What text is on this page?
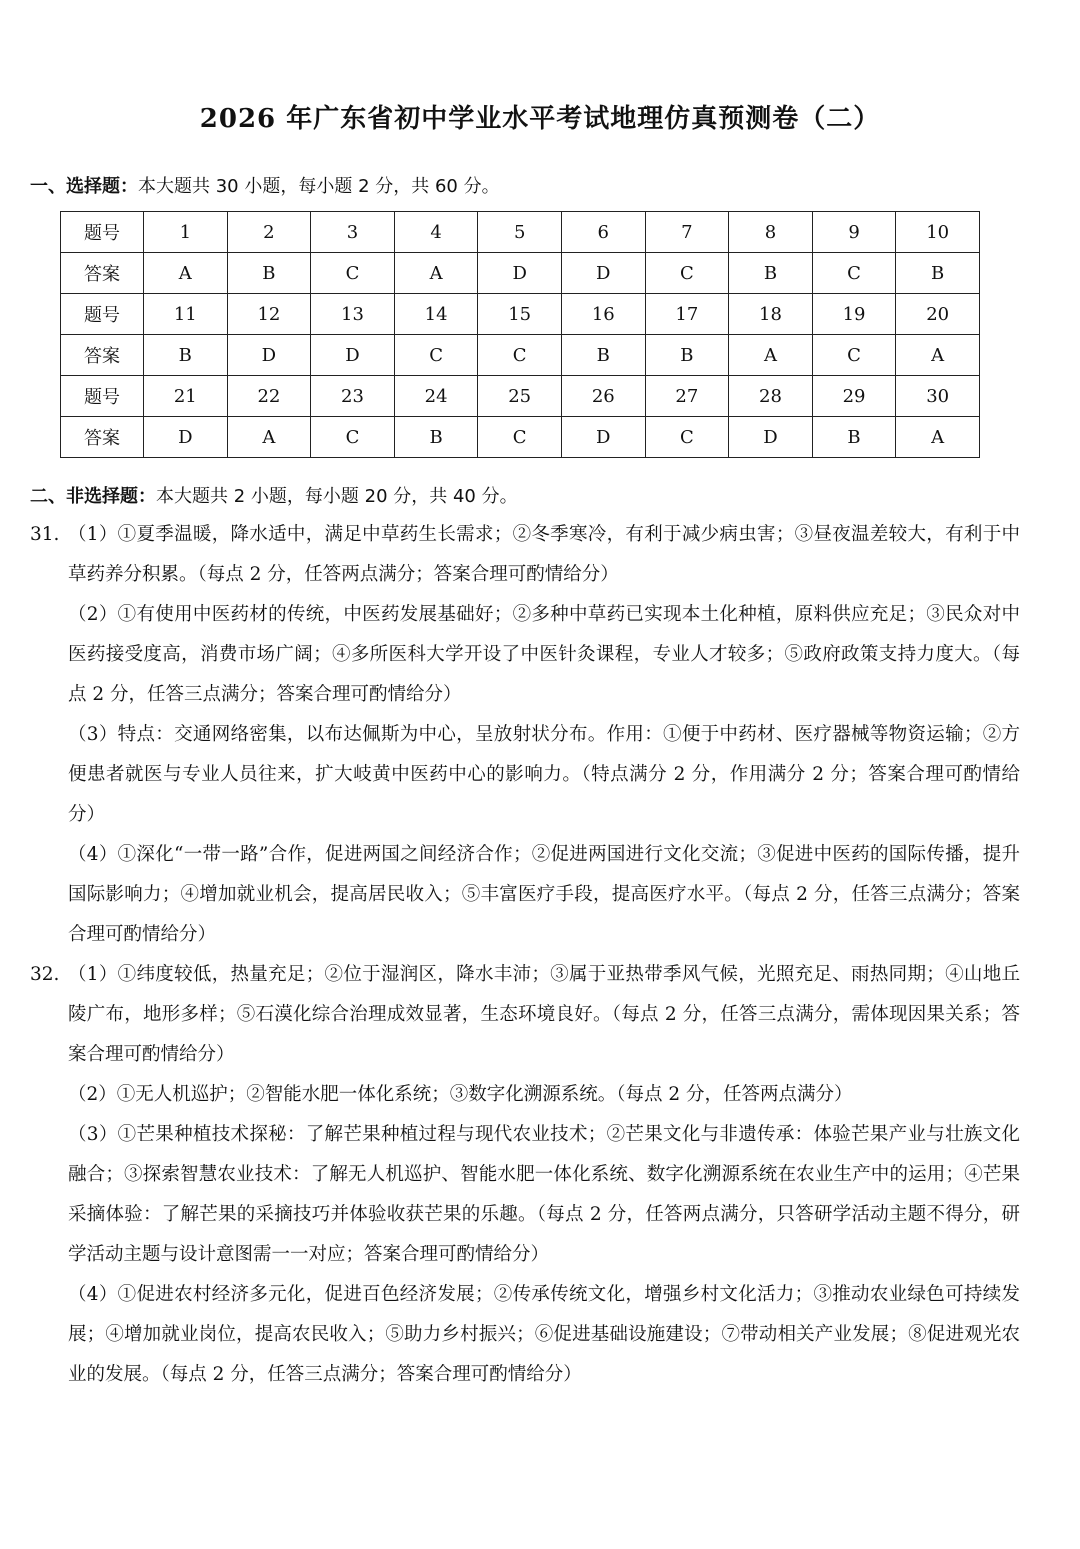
2026 年广东省初中学业水平考试地理仿真预测卷（二）
一、选择题：本大题共 30 小题，每小题 2 分，共 60 分。
题号	1	2	3	4	5	6	7	8	9	10
答案	A	B	C	A	D	D	C	B	C	B
题号	11	12	13	14	15	16	17	18	19	20
答案	B	D	D	C	C	B	B	A	C	A
题号	21	22	23	24	25	26	27	28	29	30
答案	D	A	C	B	C	D	C	D	B	A
二、非选择题：本大题共 2 小题，每小题 20 分，共 40 分。
31. （1）①夏季温暖，降水适中，满足中草药生长需求；②冬季寒冷，有利于减少病虫害；③昼夜温差较大，有利于中草药养分积累。（每点 2 分，任答两点满分；答案合理可酌情给分）

（2）①有使用中医药材的传统，中医药发展基础好；②多种中草药已实现本土化种植，原料供应充足；③民众对中医药接受度高，消费市场广阔；④多所医科大学开设了中医针灸课程，专业人才较多；⑤政府政策支持力度大。（每点 2 分，任答三点满分；答案合理可酌情给分）

（3）特点：交通网络密集，以布达佩斯为中心，呈放射状分布。作用：①便于中药材、医疗器械等物资运输；②方便患者就医与专业人员往来，扩大岐黄中医药中心的影响力。（特点满分 2 分，作用满分 2 分；答案合理可酌情给分）

（4）①深化“一带一路”合作，促进两国之间经济合作；②促进两国进行文化交流；③促进中医药的国际传播，提升国际影响力；④增加就业机会，提高居民收入；⑤丰富医疗手段，提高医疗水平。（每点 2 分，任答三点满分；答案合理可酌情给分）

32. （1）①纬度较低，热量充足；②位于湿润区，降水丰沛；③属于亚热带季风气候，光照充足、雨热同期；④山地丘陵广布，地形多样；⑤石漠化综合治理成效显著，生态环境良好。（每点 2 分，任答三点满分，需体现因果关系；答案合理可酌情给分）

（2）①无人机巡护；②智能水肥一体化系统；③数字化溯源系统。（每点 2 分，任答两点满分）

（3）①芒果种植技术探秘：了解芒果种植过程与现代农业技术；②芒果文化与非遗传承：体验芒果产业与壮族文化融合；③探索智慧农业技术：了解无人机巡护、智能水肥一体化系统、数字化溯源系统在农业生产中的运用；④芒果采摘体验：了解芒果的采摘技巧并体验收获芒果的乐趣。（每点 2 分，任答两点满分，只答研学活动主题不得分，研学活动主题与设计意图需一一对应；答案合理可酌情给分）

（4）①促进农村经济多元化，促进百色经济发展；②传承传统文化，增强乡村文化活力；③推动农业绿色可持续发展；④增加就业岗位，提高农民收入；⑤助力乡村振兴；⑥促进基础设施建设；⑦带动相关产业发展；⑧促进观光农业的发展。（每点 2 分，任答三点满分；答案合理可酌情给分）
